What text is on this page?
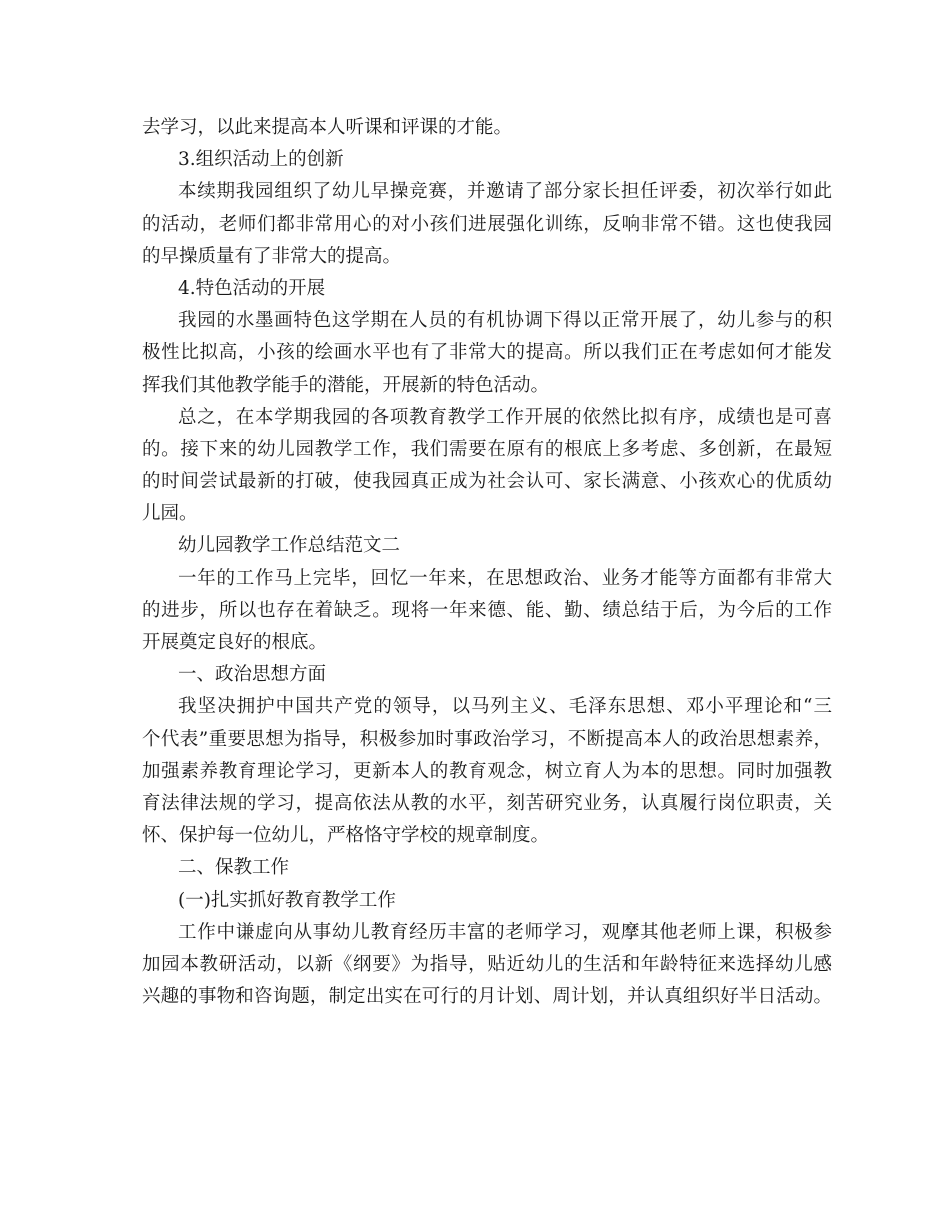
去学习，以此来提高本人听课和评课的才能。
3.组织活动上的创新
本续期我园组织了幼儿早操竞赛，并邀请了部分家长担任评委，初次举行如此
的活动，老师们都非常用心的对小孩们进展强化训练，反响非常不错。这也使我园
的早操质量有了非常大的提高。
4.特色活动的开展
我园的水墨画特色这学期在人员的有机协调下得以正常开展了，幼儿参与的积
极性比拟高，小孩的绘画水平也有了非常大的提高。所以我们正在考虑如何才能发
挥我们其他教学能手的潜能，开展新的特色活动。
总之，在本学期我园的各项教育教学工作开展的依然比拟有序，成绩也是可喜
的。接下来的幼儿园教学工作，我们需要在原有的根底上多考虑、多创新，在最短
的时间尝试最新的打破，使我园真正成为社会认可、家长满意、小孩欢心的优质幼
儿园。
幼儿园教学工作总结范文二
一年的工作马上完毕，回忆一年来，在思想政治、业务才能等方面都有非常大
的进步，所以也存在着缺乏。现将一年来德、能、勤、绩总结于后，为今后的工作
开展奠定良好的根底。
一、政治思想方面
我坚决拥护中国共产党的领导，以马列主义、毛泽东思想、邓小平理论和“三
个代表”重要思想为指导，积极参加时事政治学习，不断提高本人的政治思想素养，
加强素养教育理论学习，更新本人的教育观念，树立育人为本的思想。同时加强教
育法律法规的学习，提高依法从教的水平，刻苦研究业务，认真履行岗位职责，关
怀、保护每一位幼儿，严格恪守学校的规章制度。
二、保教工作
(一)扎实抓好教育教学工作
工作中谦虚向从事幼儿教育经历丰富的老师学习，观摩其他老师上课，积极参
加园本教研活动，以新《纲要》为指导，贴近幼儿的生活和年龄特征来选择幼儿感
兴趣的事物和咨询题，制定出实在可行的月计划、周计划，并认真组织好半日活动。
